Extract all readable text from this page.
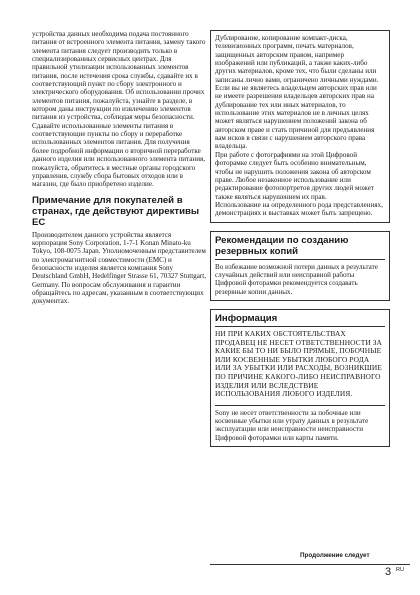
устройства данных необходима подача постоянного питания от встроенного элемента питания, замену такого элемента питания следует производить только в специализированных сервисных центрах. Для правильной утилизации использованных элементов питания, после истечения срока службы, сдавайте их в соответствующий пункт по сбору электронного и электрического оборудования. Об использовании прочих элементов питания, пожалуйста, узнайте в разделе, в котором даны инструкции по извлечению элементов питания из устройства, соблюдая меры безопасности. Сдавайте использованные элементы питания в соответствующие пункты по сбору и переработке использованных элементов питания. Для получения более подробной информации о вторичной переработке данного изделия или использованного элемента питания, пожалуйста, обратитесь в местные органы городского управления, службу сбора бытовых отходов или в магазин, где было приобретено изделие.

Примечание для покупателей в странах, где действуют директивы ЕС

Производителем данного устройства является корпорация Sony Corporation, 1-7-1 Konan Minato-ku Tokyo, 108-0075 Japan. Уполномоченным представителем по электромагнитной совместимости (EMC) и безопасности изделия является компания Sony Deutschland GmbH, Hedelfinger Strasse 61, 70327 Stuttgart, Germany. По вопросам обслуживания и гарантии обращайтесь по адресам, указанным в соответствующих документах.

Дублирование, копирование компакт-диска, телевизионных программ, печать материалов, защищенных авторским правом, например изображений или публикаций, а также каких-либо других материалов, кроме тех, что были сделаны или записаны лично вами, ограничено личными нуждами. Если вы не являетесь владельцем авторских прав или не имеете разрешения владельцев авторских прав на дублирование тех или иных материалов, то использование этих материалов не в личных целях может являться нарушением положений закона об авторском праве и стать причиной для предъявления вам исков в связи с нарушением авторского права владельца.

При работе с фотографиями на этой Цифровой фоторамке следует быть особенно внимательным, чтобы не нарушить положения закона об авторском праве. Любое незаконное использование или редактирование фотопортретов других людей может также являться нарушением их прав.

Использование на определенного рода представлениях, демонстрациях и выставках может быть запрещено.

Рекомендации по созданию резервных копий

Во избежание возможной потери данных в результате случайных действий или неисправной работы Цифровой фоторамки рекомендуется создавать резервные копии данных.

Информация

НИ ПРИ КАКИХ ОБСТОЯТЕЛЬСТВАХ ПРОДАВЕЦ НЕ НЕСЕТ ОТВЕТСТВЕННОСТИ ЗА КАКИЕ БЫ ТО НИ БЫЛО ПРЯМЫЕ, ПОБОЧНЫЕ ИЛИ КОСВЕННЫЕ УБЫТКИ ЛЮБОГО РОДА ИЛИ ЗА УБЫТКИ ИЛИ РАСХОДЫ, ВОЗНИКШИЕ ПО ПРИЧИНЕ КАКОГО-ЛИБО НЕИСПРАВНОГО ИЗДЕЛИЯ ИЛИ ВСЛЕДСТВИЕ ИСПОЛЬЗОВАНИЯ ЛЮБОГО ИЗДЕЛИЯ.

Sony не несет ответственности за побочные или косвенные убытки или утрату данных в результате эксплуатации или неисправности неисправности Цифровой фоторамки или карты памяти.

Продолжение следует
3 RU
